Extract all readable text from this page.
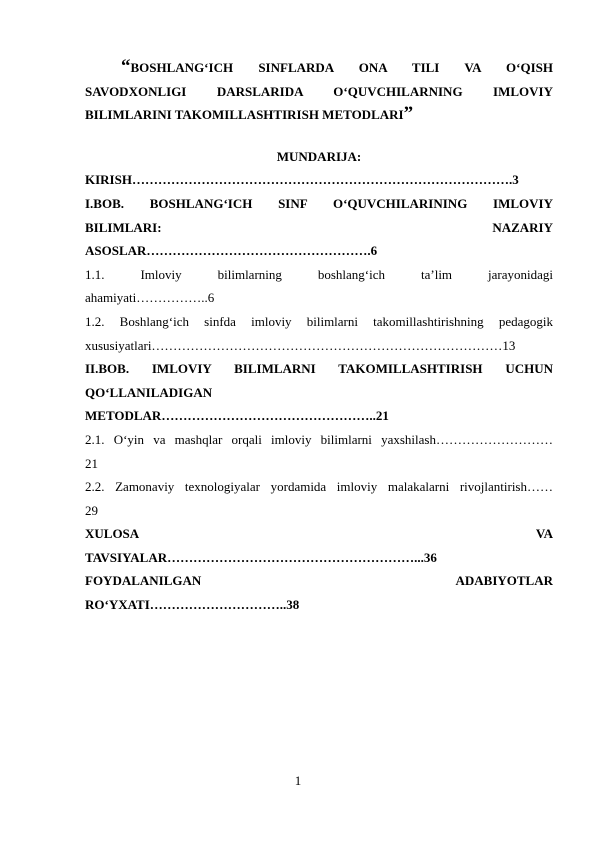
“BOSHLANG‘ICH SINFLARDA ONA TILI VA O‘QISH
SAVODXONLIGI DARSLARIDA O‘QUVCHILARNING IMLOVIY
BILIMLARINI TAKOMILLASHTIRISH METODLARI”
MUNDARIJA:
KIRISH…………………………………………………………………………….3
I.BOB. BOSHLANG‘ICH SINF O‘QUVCHILARINING IMLOVIY
BILIMLARI: NAZARIY
ASOSLAR…………………………………………….6
1.1. Imloviy bilimlarning boshlang‘ich ta’lim jarayonidagi
ahamiyati……………..6
1.2. Boshlang‘ich sinfda imloviy bilimlarni takomillashtirishning pedagogik
xususiyatlari………………………………………………………………………13
II.BOB. IMLOVIY BILIMLARNI TAKOMILLASHTIRISH UCHUN
QO‘LLANILADIGAN
METODLAR…………………………………………..21
2.1. O‘yin va mashqlar orqali imloviy bilimlarni yaxshilash………………………
21
2.2. Zamonaviy texnologiyalar yordamida imloviy malakalarni rivojlantirish……
29
XULOSA VA
TAVSIYALAR…………………………………………………...36
FOYDALANILGAN ADABIYOTLAR
RO‘YXATI…………………………..38
1
